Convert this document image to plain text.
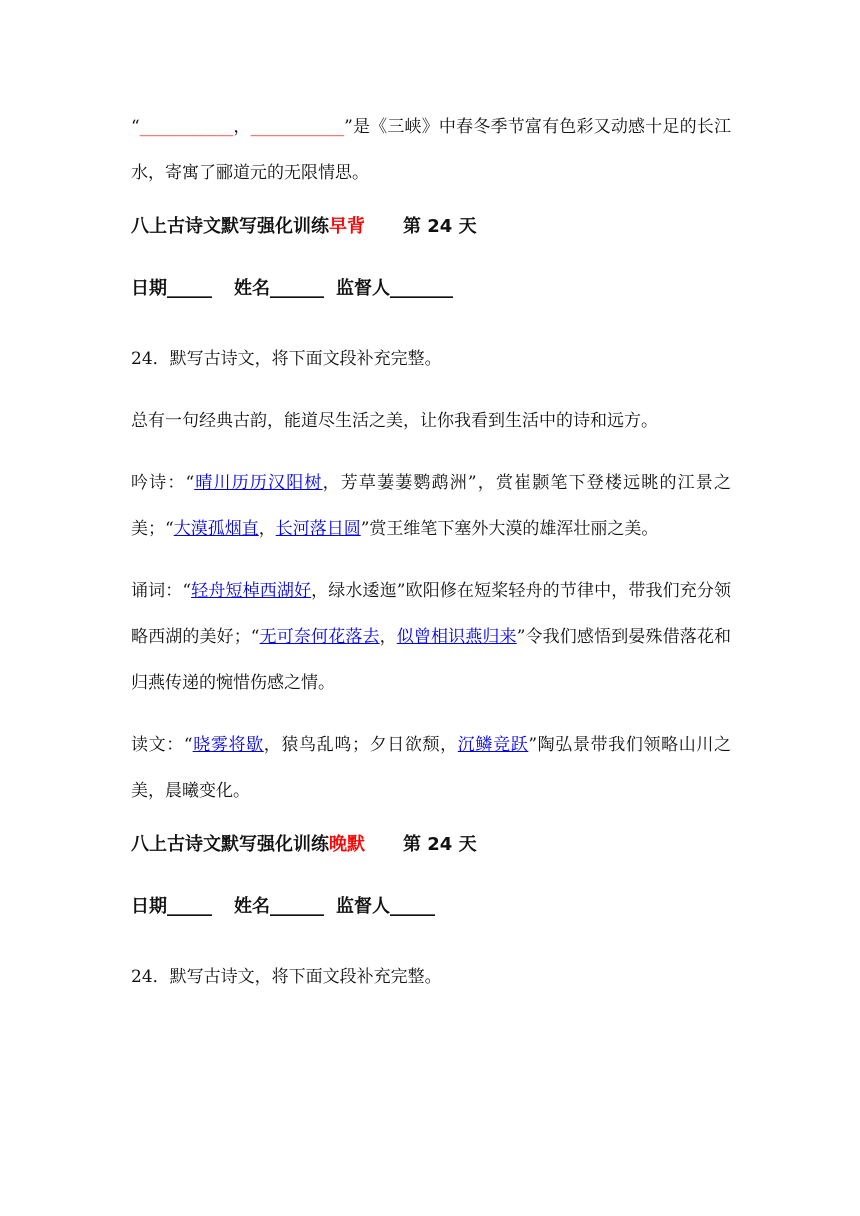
“___________，___________”是《三峡》中春冬季节富有色彩又动感十足的长江水，寄寓了郦道元的无限情思。

八上古诗文默写强化训练早背 第 24 天
日期_____ 姓名______ 监督人_______

24．默写古诗文，将下面文段补充完整。

总有一句经典古韵，能道尽生活之美，让你我看到生活中的诗和远方。

吟诗：“晴川历历汉阳树，芳草萋萋鹦鹉洲”，赏崔颢笔下登楼远眺的江景之美；“大漠孤烟直，长河落日圆”赏王维笔下塞外大漠的雄浑壮丽之美。

诵词：“轻舟短棹西湖好，绿水逶迤”欧阳修在短桨轻舟的节律中，带我们充分领略西湖的美好；“无可奈何花落去，似曾相识燕归来”令我们感悟到晏殊借落花和归燕传递的惋惜伤感之情。

读文：“晓雾将歇，猿鸟乱鸣；夕日欲颓，沉鳞竞跃”陶弘景带我们领略山川之美，晨曦变化。

八上古诗文默写强化训练晚默 第 24 天
日期_____ 姓名______ 监督人_____

24．默写古诗文，将下面文段补充完整。
